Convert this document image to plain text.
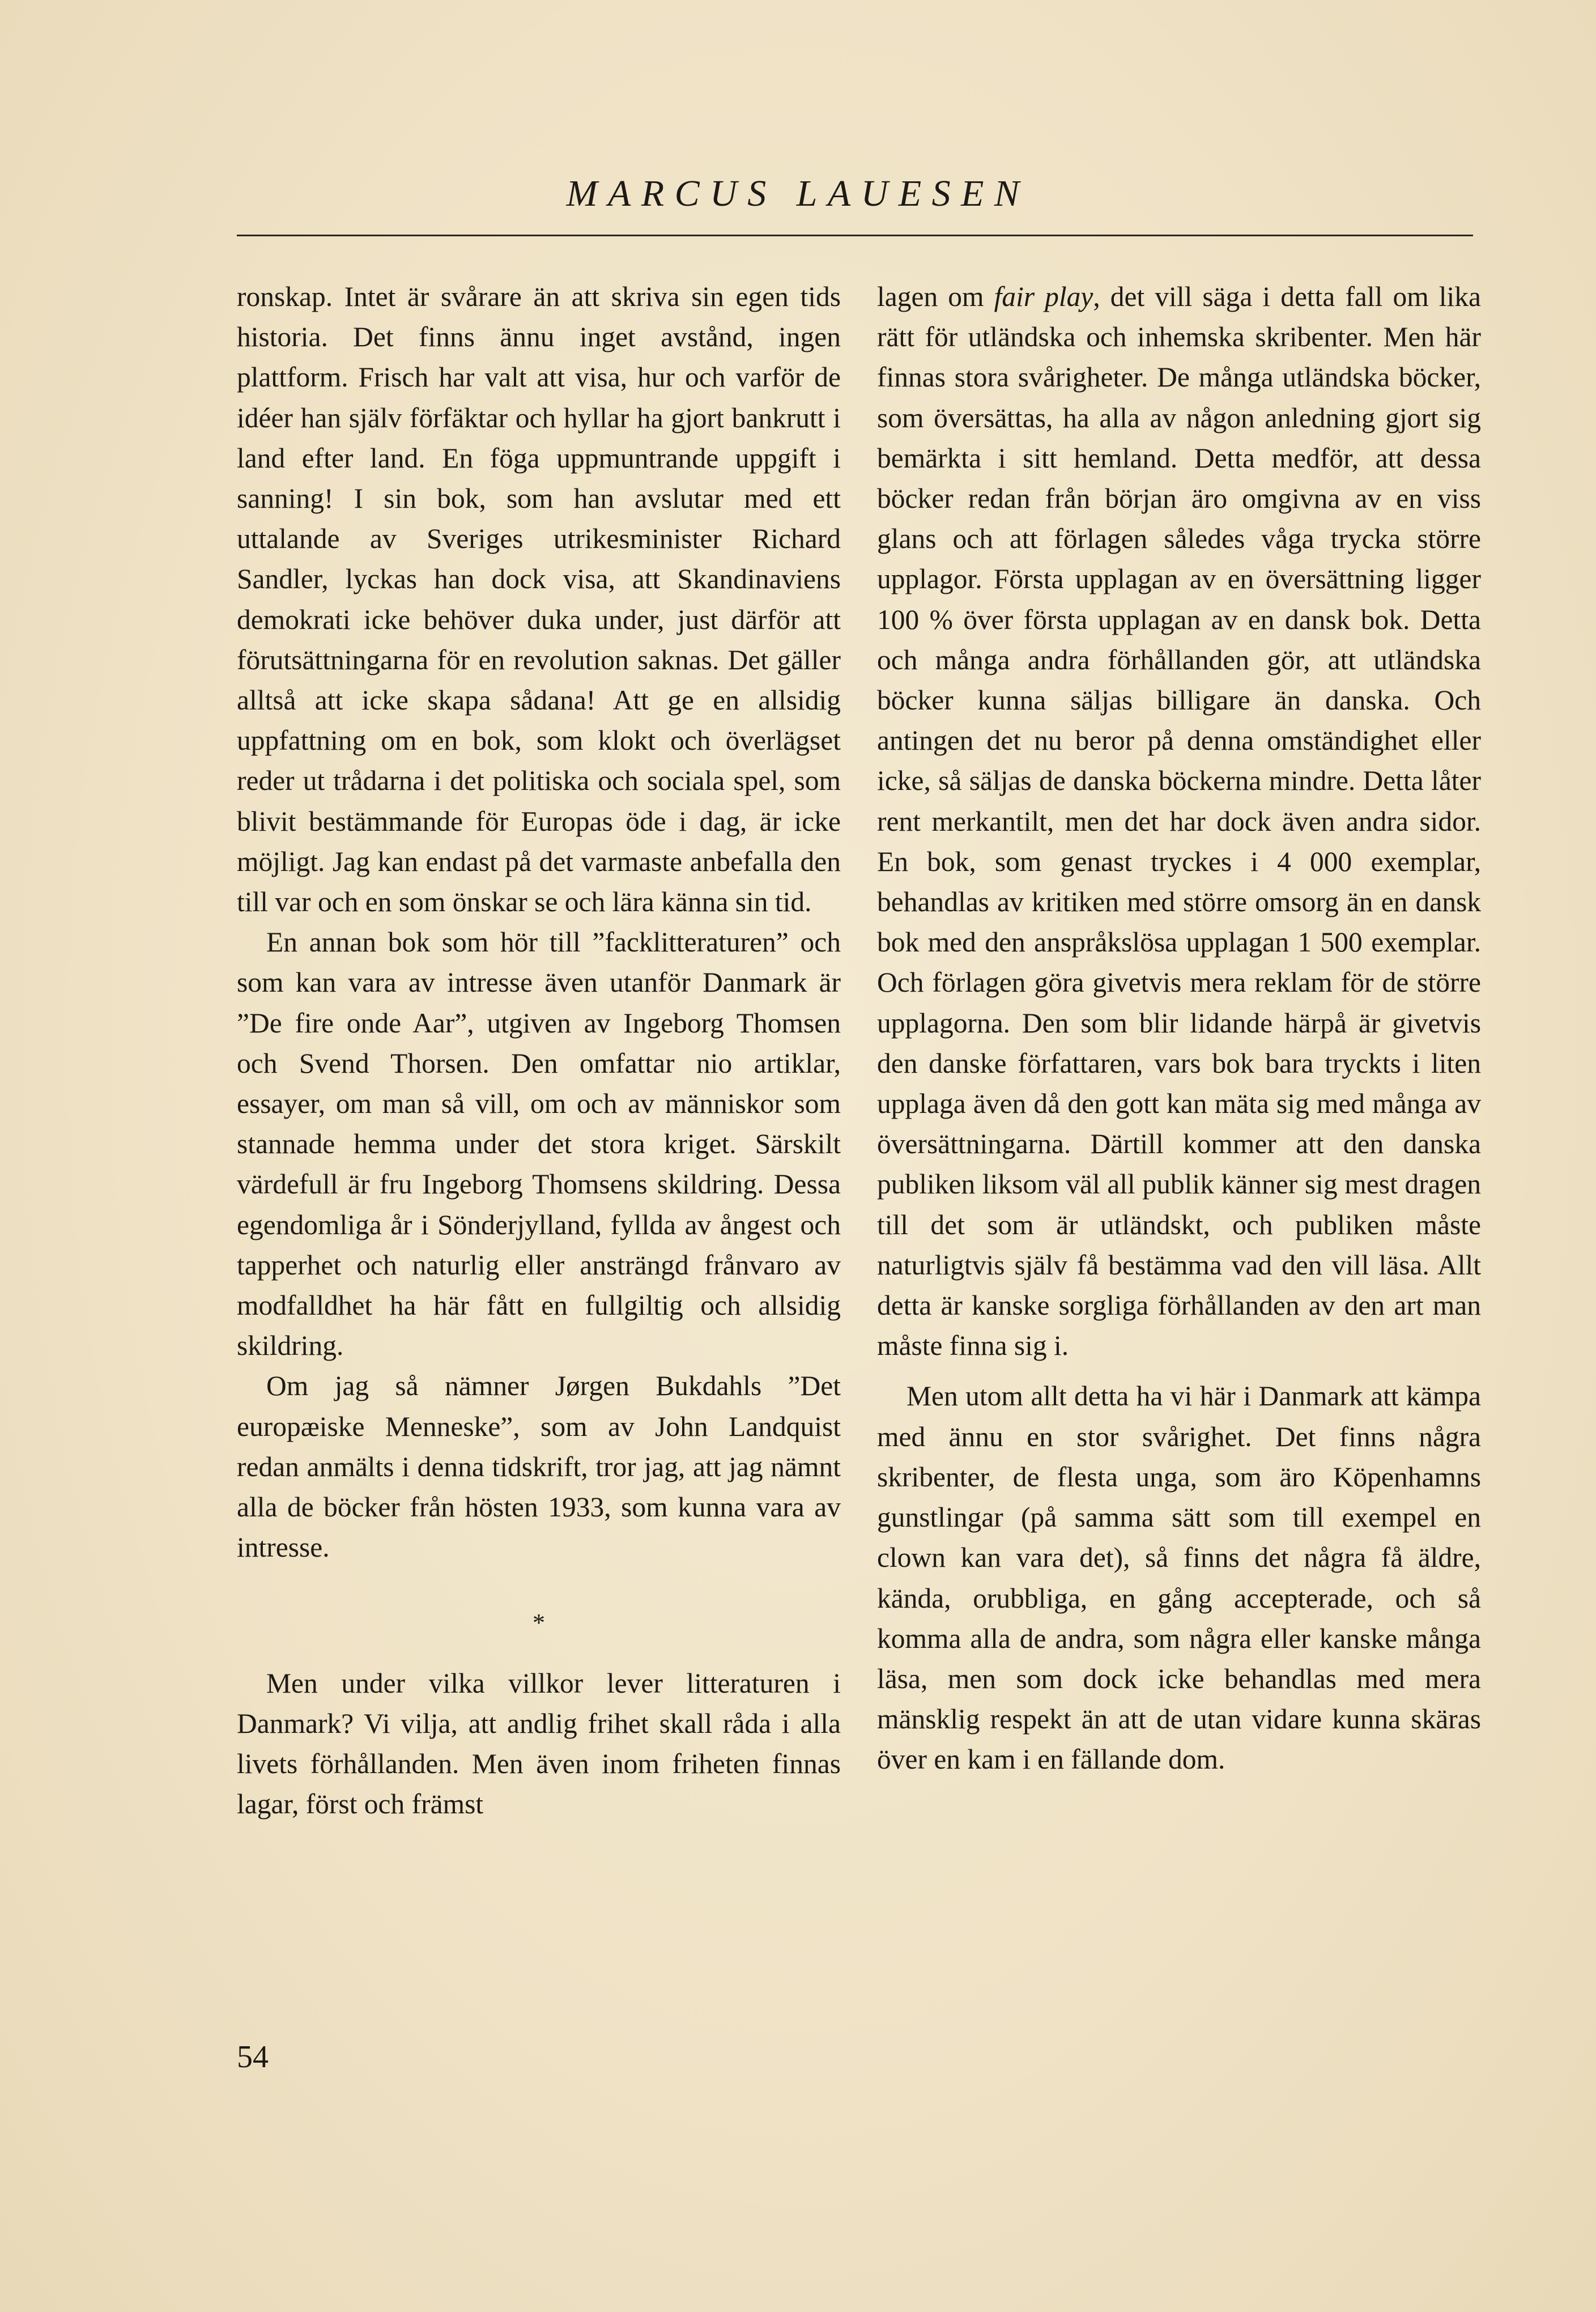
MARCUS LAUESEN

ronskap. Intet är svårare än att skriva sin egen tids historia. Det finns ännu inget avstånd, ingen plattform. Frisch har valt att visa, hur och varför de idéer han själv förfäktar och hyllar ha gjort bankrutt i land efter land. En föga uppmuntrande uppgift i sanning! I sin bok, som han avslutar med ett uttalande av Sveriges utrikesminister Richard Sandler, lyckas han dock visa, att Skandinaviens demokrati icke behöver duka under, just därför att förutsättningarna för en revolution saknas. Det gäller alltså att icke skapa sådana! Att ge en allsidig uppfattning om en bok, som klokt och överlägset reder ut trådarna i det politiska och sociala spel, som blivit bestämmande för Europas öde i dag, är icke möjligt. Jag kan endast på det varmaste anbefalla den till var och en som önskar se och lära känna sin tid.

En annan bok som hör till ”facklitteraturen” och som kan vara av intresse även utanför Danmark är ”De fire onde Aar”, utgiven av Ingeborg Thomsen och Svend Thorsen. Den omfattar nio artiklar, essayer, om man så vill, om och av människor som stannade hemma under det stora kriget. Särskilt värdefull är fru Ingeborg Thomsens skildring. Dessa egendomliga år i Sönderjylland, fyllda av ångest och tapperhet och naturlig eller ansträngd frånvaro av modfalldhet ha här fått en fullgiltig och allsidig skildring.

Om jag så nämner Jørgen Bukdahls ”Det europæiske Menneske”, som av John Landquist redan anmälts i denna tidskrift, tror jag, att jag nämnt alla de böcker från hösten 1933, som kunna vara av intresse.

*

Men under vilka villkor lever litteraturen i Danmark? Vi vilja, att andlig frihet skall råda i alla livets förhållanden. Men även inom friheten finnas lagar, först och främst

lagen om fair play, det vill säga i detta fall om lika rätt för utländska och inhemska skribenter. Men här finnas stora svårigheter. De många utländska böcker, som översättas, ha alla av någon anledning gjort sig bemärkta i sitt hemland. Detta medför, att dessa böcker redan från början äro omgivna av en viss glans och att förlagen således våga trycka större upplagor. Första upplagan av en översättning ligger 100 % över första upplagan av en dansk bok. Detta och många andra förhållanden gör, att utländska böcker kunna säljas billigare än danska. Och antingen det nu beror på denna omständighet eller icke, så säljas de danska böckerna mindre. Detta låter rent merkantilt, men det har dock även andra sidor. En bok, som genast tryckes i 4 000 exemplar, behandlas av kritiken med större omsorg än en dansk bok med den anspråkslösa upplagan 1 500 exemplar. Och förlagen göra givetvis mera reklam för de större upplagorna. Den som blir lidande härpå är givetvis den danske författaren, vars bok bara tryckts i liten upplaga även då den gott kan mäta sig med många av översättningarna. Därtill kommer att den danska publiken liksom väl all publik känner sig mest dragen till det som är utländskt, och publiken måste naturligtvis själv få bestämma vad den vill läsa. Allt detta är kanske sorgliga förhållanden av den art man måste finna sig i.

Men utom allt detta ha vi här i Danmark att kämpa med ännu en stor svårighet. Det finns några skribenter, de flesta unga, som äro Köpenhamns gunstlingar (på samma sätt som till exempel en clown kan vara det), så finns det några få äldre, kända, orubbliga, en gång accepterade, och så komma alla de andra, som några eller kanske många läsa, men som dock icke behandlas med mera mänsklig respekt än att de utan vidare kunna skäras över en kam i en fällande dom.

54
